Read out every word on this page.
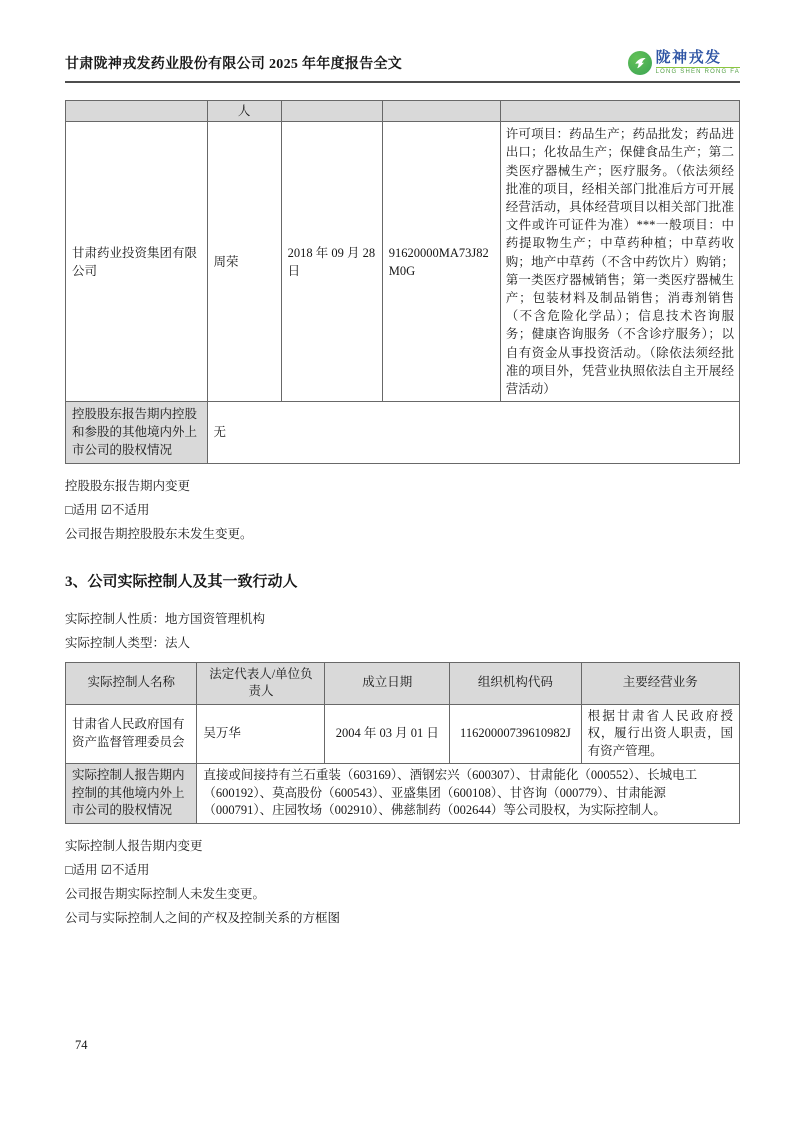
甘肃陇神戎发药业股份有限公司 2025 年年度报告全文	陇神戎发
LONG SHEN RONG FA
	人			
甘肃药业投资集团有限公司	周荣	2018 年 09 月 28 日	91620000MA73J82M0G	许可项目：药品生产；药品批发；药品进出口；化妆品生产；保健食品生产；第二类医疗器械生产；医疗服务。（依法须经批准的项目，经相关部门批准后方可开展经营活动，具体经营项目以相关部门批准文件或许可证件为准）***一般项目：中药提取物生产；中草药种植；中草药收购；地产中草药（不含中药饮片）购销；第一类医疗器械销售；第一类医疗器械生产；包装材料及制品销售；消毒剂销售（不含危险化学品）；信息技术咨询服务；健康咨询服务（不含诊疗服务）；以自有资金从事投资活动。（除依法须经批准的项目外，凭营业执照依法自主开展经营活动）
控股股东报告期内控股和参股的其他境内外上市公司的股权情况	无			

控股股东报告期内变更

□适用 ☑不适用

公司报告期控股股东未发生变更。

3、公司实际控制人及其一致行动人

实际控制人性质：地方国资管理机构

实际控制人类型：法人

实际控制人名称	法定代表人/单位负责人	成立日期	组织机构代码	主要经营业务
甘肃省人民政府国有资产监督管理委员会	吴万华	2004 年 03 月 01 日	11620000739610982J	根据甘肃省人民政府授权，履行出资人职责，国有资产管理。
实际控制人报告期内控制的其他境内外上市公司的股权情况	直接或间接持有兰石重装（603169）、酒钢宏兴（600307）、甘肃能化（000552）、长城电工（600192）、莫高股份（600543）、亚盛集团（600108）、甘咨询（000779）、甘肃能源（000791）、庄园牧场（002910）、佛慈制药（002644）等公司股权，为实际控制人。			

实际控制人报告期内变更

□适用 ☑不适用

公司报告期实际控制人未发生变更。

公司与实际控制人之间的产权及控制关系的方框图

74
